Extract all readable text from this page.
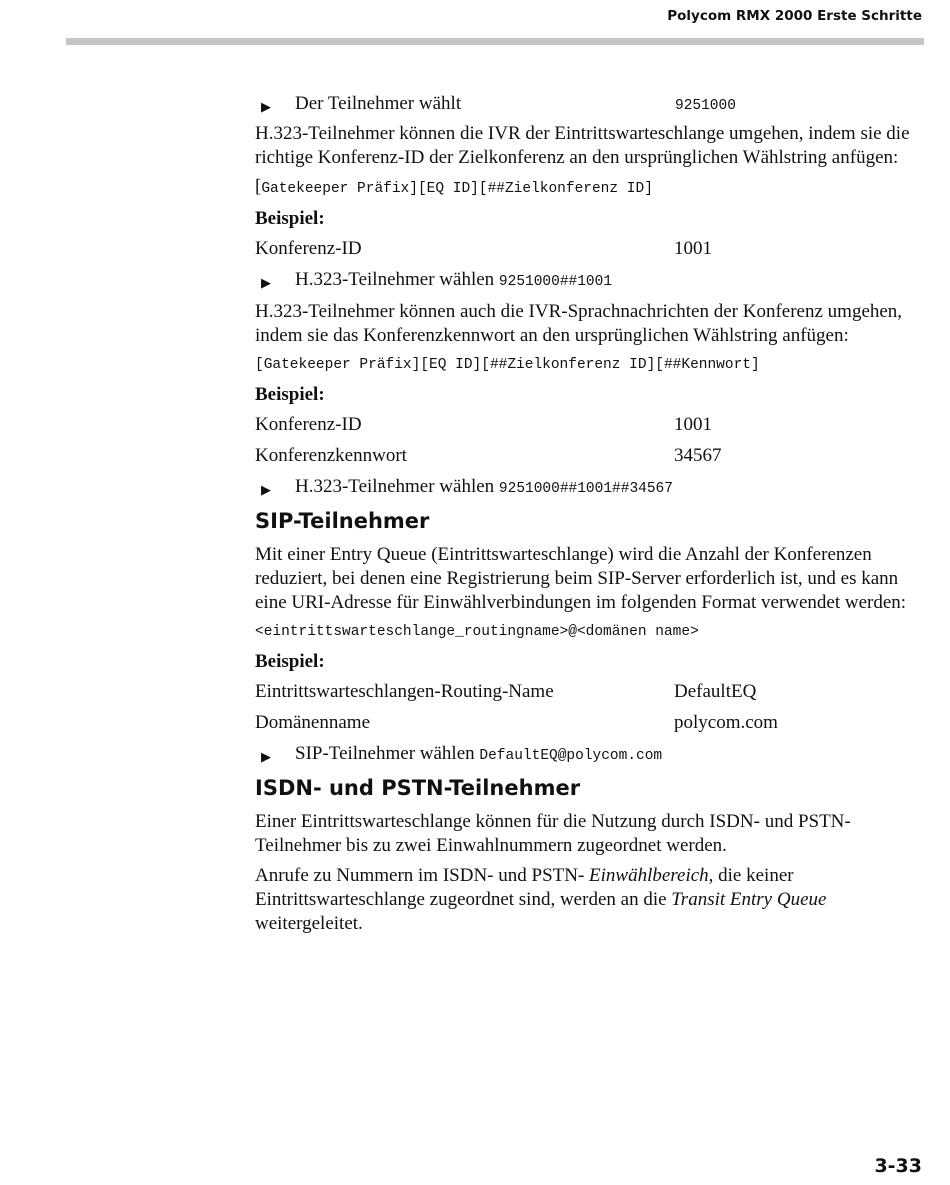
Polycom RMX 2000 Erste Schritte
▶ Der Teilnehmer wählt	9251000

H.323-Teilnehmer können die IVR der Eintrittswarteschlange umgehen, indem sie die richtige Konferenz-ID der Zielkonferenz an den ursprünglichen Wählstring anfügen:

[Gatekeeper Präfix][EQ ID][##Zielkonferenz ID]
Beispiel:
Konferenz-ID	1001
▶ H.323-Teilnehmer wählen 9251000##1001

H.323-Teilnehmer können auch die IVR-Sprachnachrichten der Konferenz umgehen, indem sie das Konferenzkennwort an den ursprünglichen Wählstring anfügen:

[Gatekeeper Präfix][EQ ID][##Zielkonferenz ID][##Kennwort]
Beispiel:
Konferenz-ID	1001
Konferenzkennwort	34567
▶ H.323-Teilnehmer wählen 9251000##1001##34567
SIP-Teilnehmer

Mit einer Entry Queue (Eintrittswarteschlange) wird die Anzahl der Konferenzen reduziert, bei denen eine Registrierung beim SIP-Server erforderlich ist, und es kann eine URI-Adresse für Einwählverbindungen im folgenden Format verwendet werden:

<eintrittswarteschlange_routingname>@<domänen name>
Beispiel:
Eintrittswarteschlangen-Routing-Name	DefaultEQ
Domänenname	polycom.com
▶ SIP-Teilnehmer wählen DefaultEQ@polycom.com
ISDN- und PSTN-Teilnehmer

Einer Eintrittswarteschlange können für die Nutzung durch ISDN- und PSTN-Teilnehmer bis zu zwei Einwahlnummern zugeordnet werden.

Anrufe zu Nummern im ISDN- und PSTN- Einwählbereich, die keiner Eintrittswarteschlange zugeordnet sind, werden an die Transit Entry Queue weitergeleitet.

3-33
